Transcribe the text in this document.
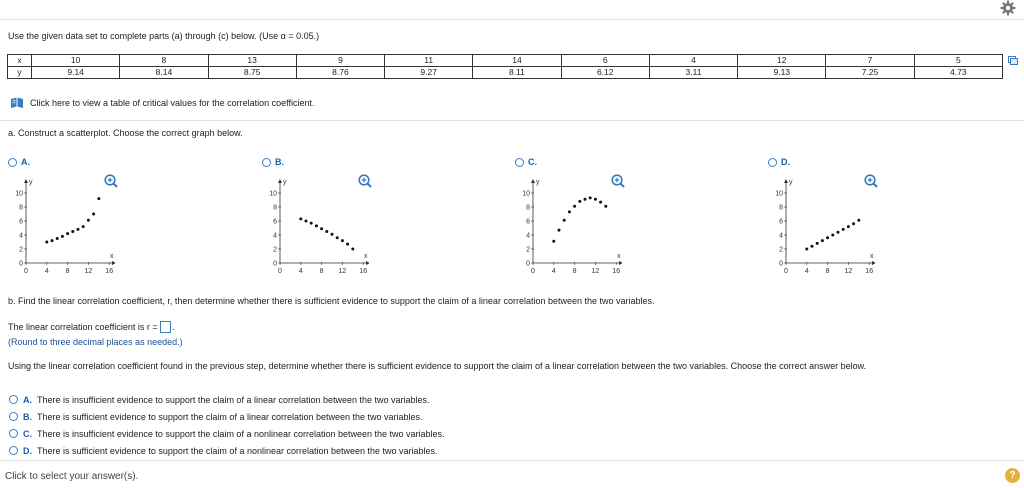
Use the given data set to complete parts (a) through (c) below. (Use α = 0.05.)
x	10	8	13	9	11	14	6	4	12	7	5
y	9.14	8.14	8.75	8.76	9.27	8.11	6.12	3.11	9.13	7.25	4.73
Click here to view a table of critical values for the correlation coefficient.
a. Construct a scatterplot. Choose the correct graph below.
A.
y
x
0
2
4
6
8
10
0 4 8 12 16
B.
y
x
0
2
4
6
8
10
0 4 8 12 16
C.
y
x
0
2
4
6
8
10
0 4 8 12 16
D.
y
x
0
2
4
6
8
10
0 4 8 12 16
b. Find the linear correlation coefficient, r, then determine whether there is sufficient evidence to support the claim of a linear correlation between the two variables.
The linear correlation coefficient is r = .
(Round to three decimal places as needed.)
Using the linear correlation coefficient found in the previous step, determine whether there is sufficient evidence to support the claim of a linear correlation between the two variables. Choose the correct answer below.
A. There is insufficient evidence to support the claim of a linear correlation between the two variables.
B. There is sufficient evidence to support the claim of a linear correlation between the two variables.
C. There is insufficient evidence to support the claim of a nonlinear correlation between the two variables.
D. There is sufficient evidence to support the claim of a nonlinear correlation between the two variables.
Click to select your answer(s).	?
